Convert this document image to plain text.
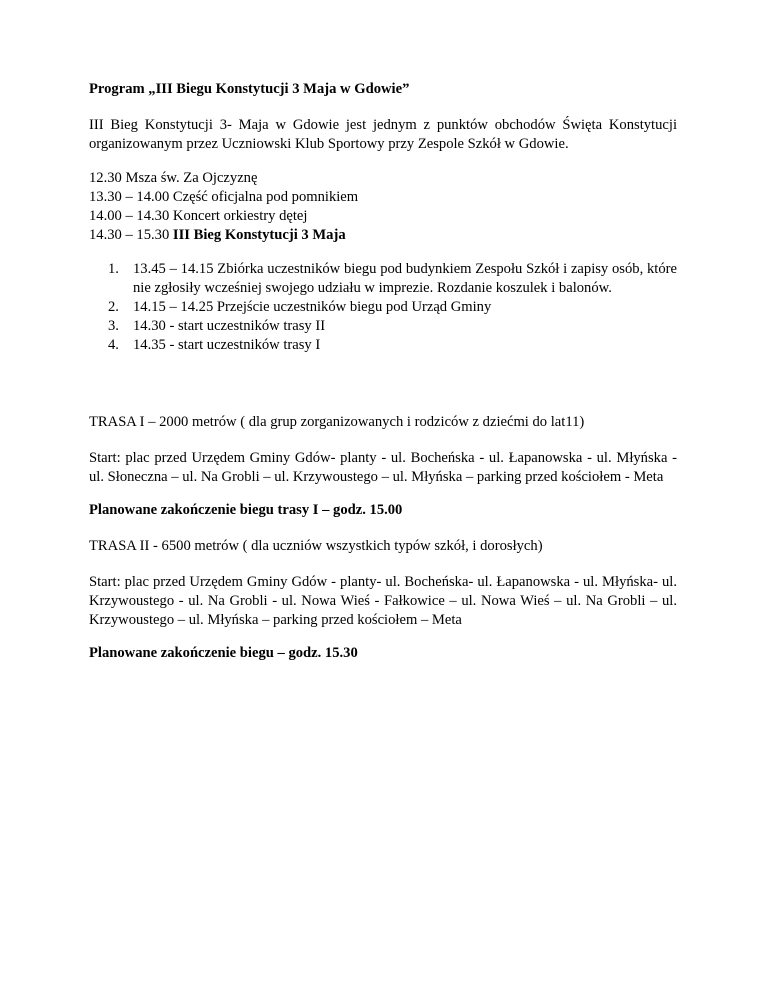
Program „III Biegu Konstytucji 3 Maja w Gdowie”

III Bieg Konstytucji 3- Maja w Gdowie jest jednym z punktów obchodów Święta Konstytucji organizowanym przez Uczniowski Klub Sportowy przy Zespole Szkół w Gdowie.

12.30 Msza św. Za Ojczyznę
13.30 – 14.00 Część oficjalna pod pomnikiem
14.00 – 14.30 Koncert orkiestry dętej
14.30 – 15.30 III Bieg Konstytucji 3 Maja
1. 13.45 – 14.15 Zbiórka uczestników biegu pod budynkiem Zespołu Szkół i zapisy osób, które nie zgłosiły wcześniej swojego udziału w imprezie. Rozdanie koszulek i balonów.
2. 14.15 – 14.25 Przejście uczestników biegu pod Urząd Gminy
3. 14.30 - start uczestników trasy II
4. 14.35 - start uczestników trasy I

TRASA I – 2000 metrów ( dla grup zorganizowanych i rodziców z dziećmi do lat11)

Start: plac przed Urzędem Gminy Gdów- planty - ul. Bocheńska - ul. Łapanowska - ul. Młyńska - ul. Słoneczna – ul. Na Grobli – ul. Krzywoustego – ul. Młyńska – parking przed kościołem - Meta

Planowane zakończenie biegu trasy I – godz. 15.00

TRASA II - 6500 metrów ( dla uczniów wszystkich typów szkół, i dorosłych)

Start: plac przed Urzędem Gminy Gdów - planty- ul. Bocheńska- ul. Łapanowska - ul. Młyńska- ul. Krzywoustego - ul. Na Grobli - ul. Nowa Wieś - Fałkowice – ul. Nowa Wieś – ul. Na Grobli – ul. Krzywoustego – ul. Młyńska – parking przed kościołem – Meta

Planowane zakończenie biegu – godz. 15.30
